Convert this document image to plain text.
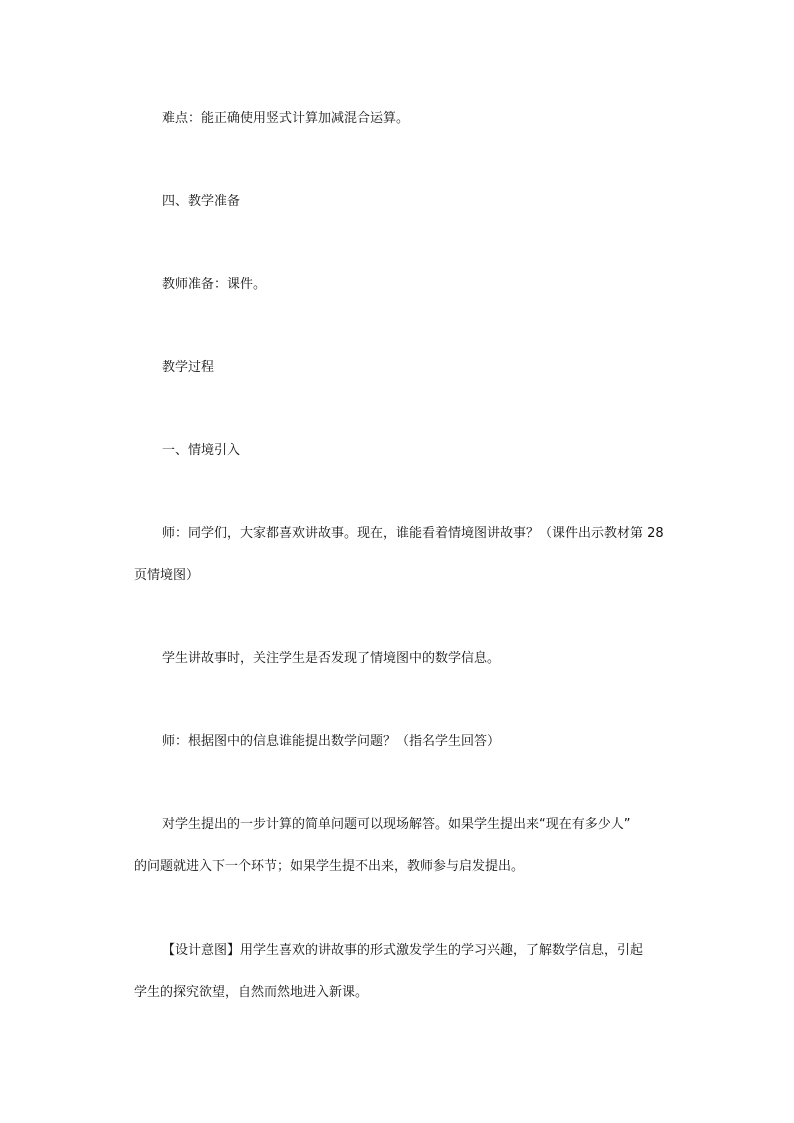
难点：能正确使用竖式计算加减混合运算。
四、教学准备
教师准备：课件。
教学过程
一、情境引入
师：同学们，大家都喜欢讲故事。现在，谁能看着情境图讲故事？（课件出示教材第 28
页情境图）
学生讲故事时，关注学生是否发现了情境图中的数学信息。
师：根据图中的信息谁能提出数学问题？（指名学生回答）
对学生提出的一步计算的简单问题可以现场解答。如果学生提出来“现在有多少人”
的问题就进入下一个环节；如果学生提不出来，教师参与启发提出。
【设计意图】用学生喜欢的讲故事的形式激发学生的学习兴趣，了解数学信息，引起
学生的探究欲望，自然而然地进入新课。
